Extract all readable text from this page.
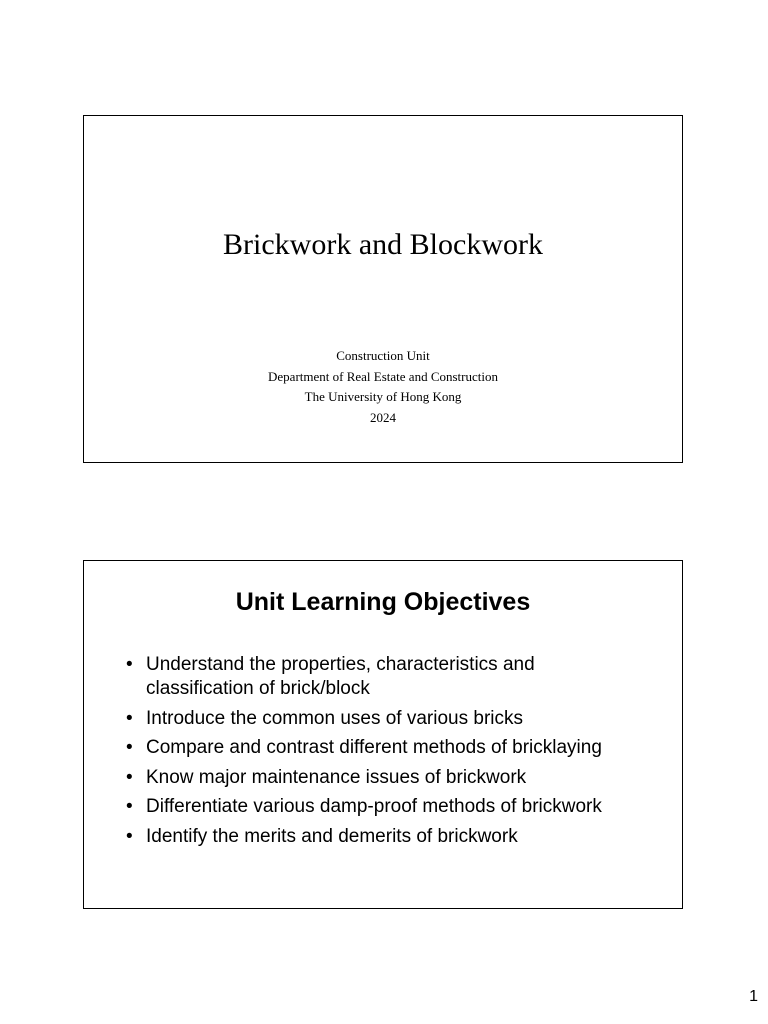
Brickwork and Blockwork
Construction Unit
Department of Real Estate and Construction
The University of Hong Kong
2024
Unit Learning Objectives
• Understand the properties, characteristics and classification of brick/block
• Introduce the common uses of various bricks
• Compare and contrast different methods of bricklaying
• Know major maintenance issues of brickwork
• Differentiate various damp-proof methods of brickwork
• Identify the merits and demerits of brickwork
1
